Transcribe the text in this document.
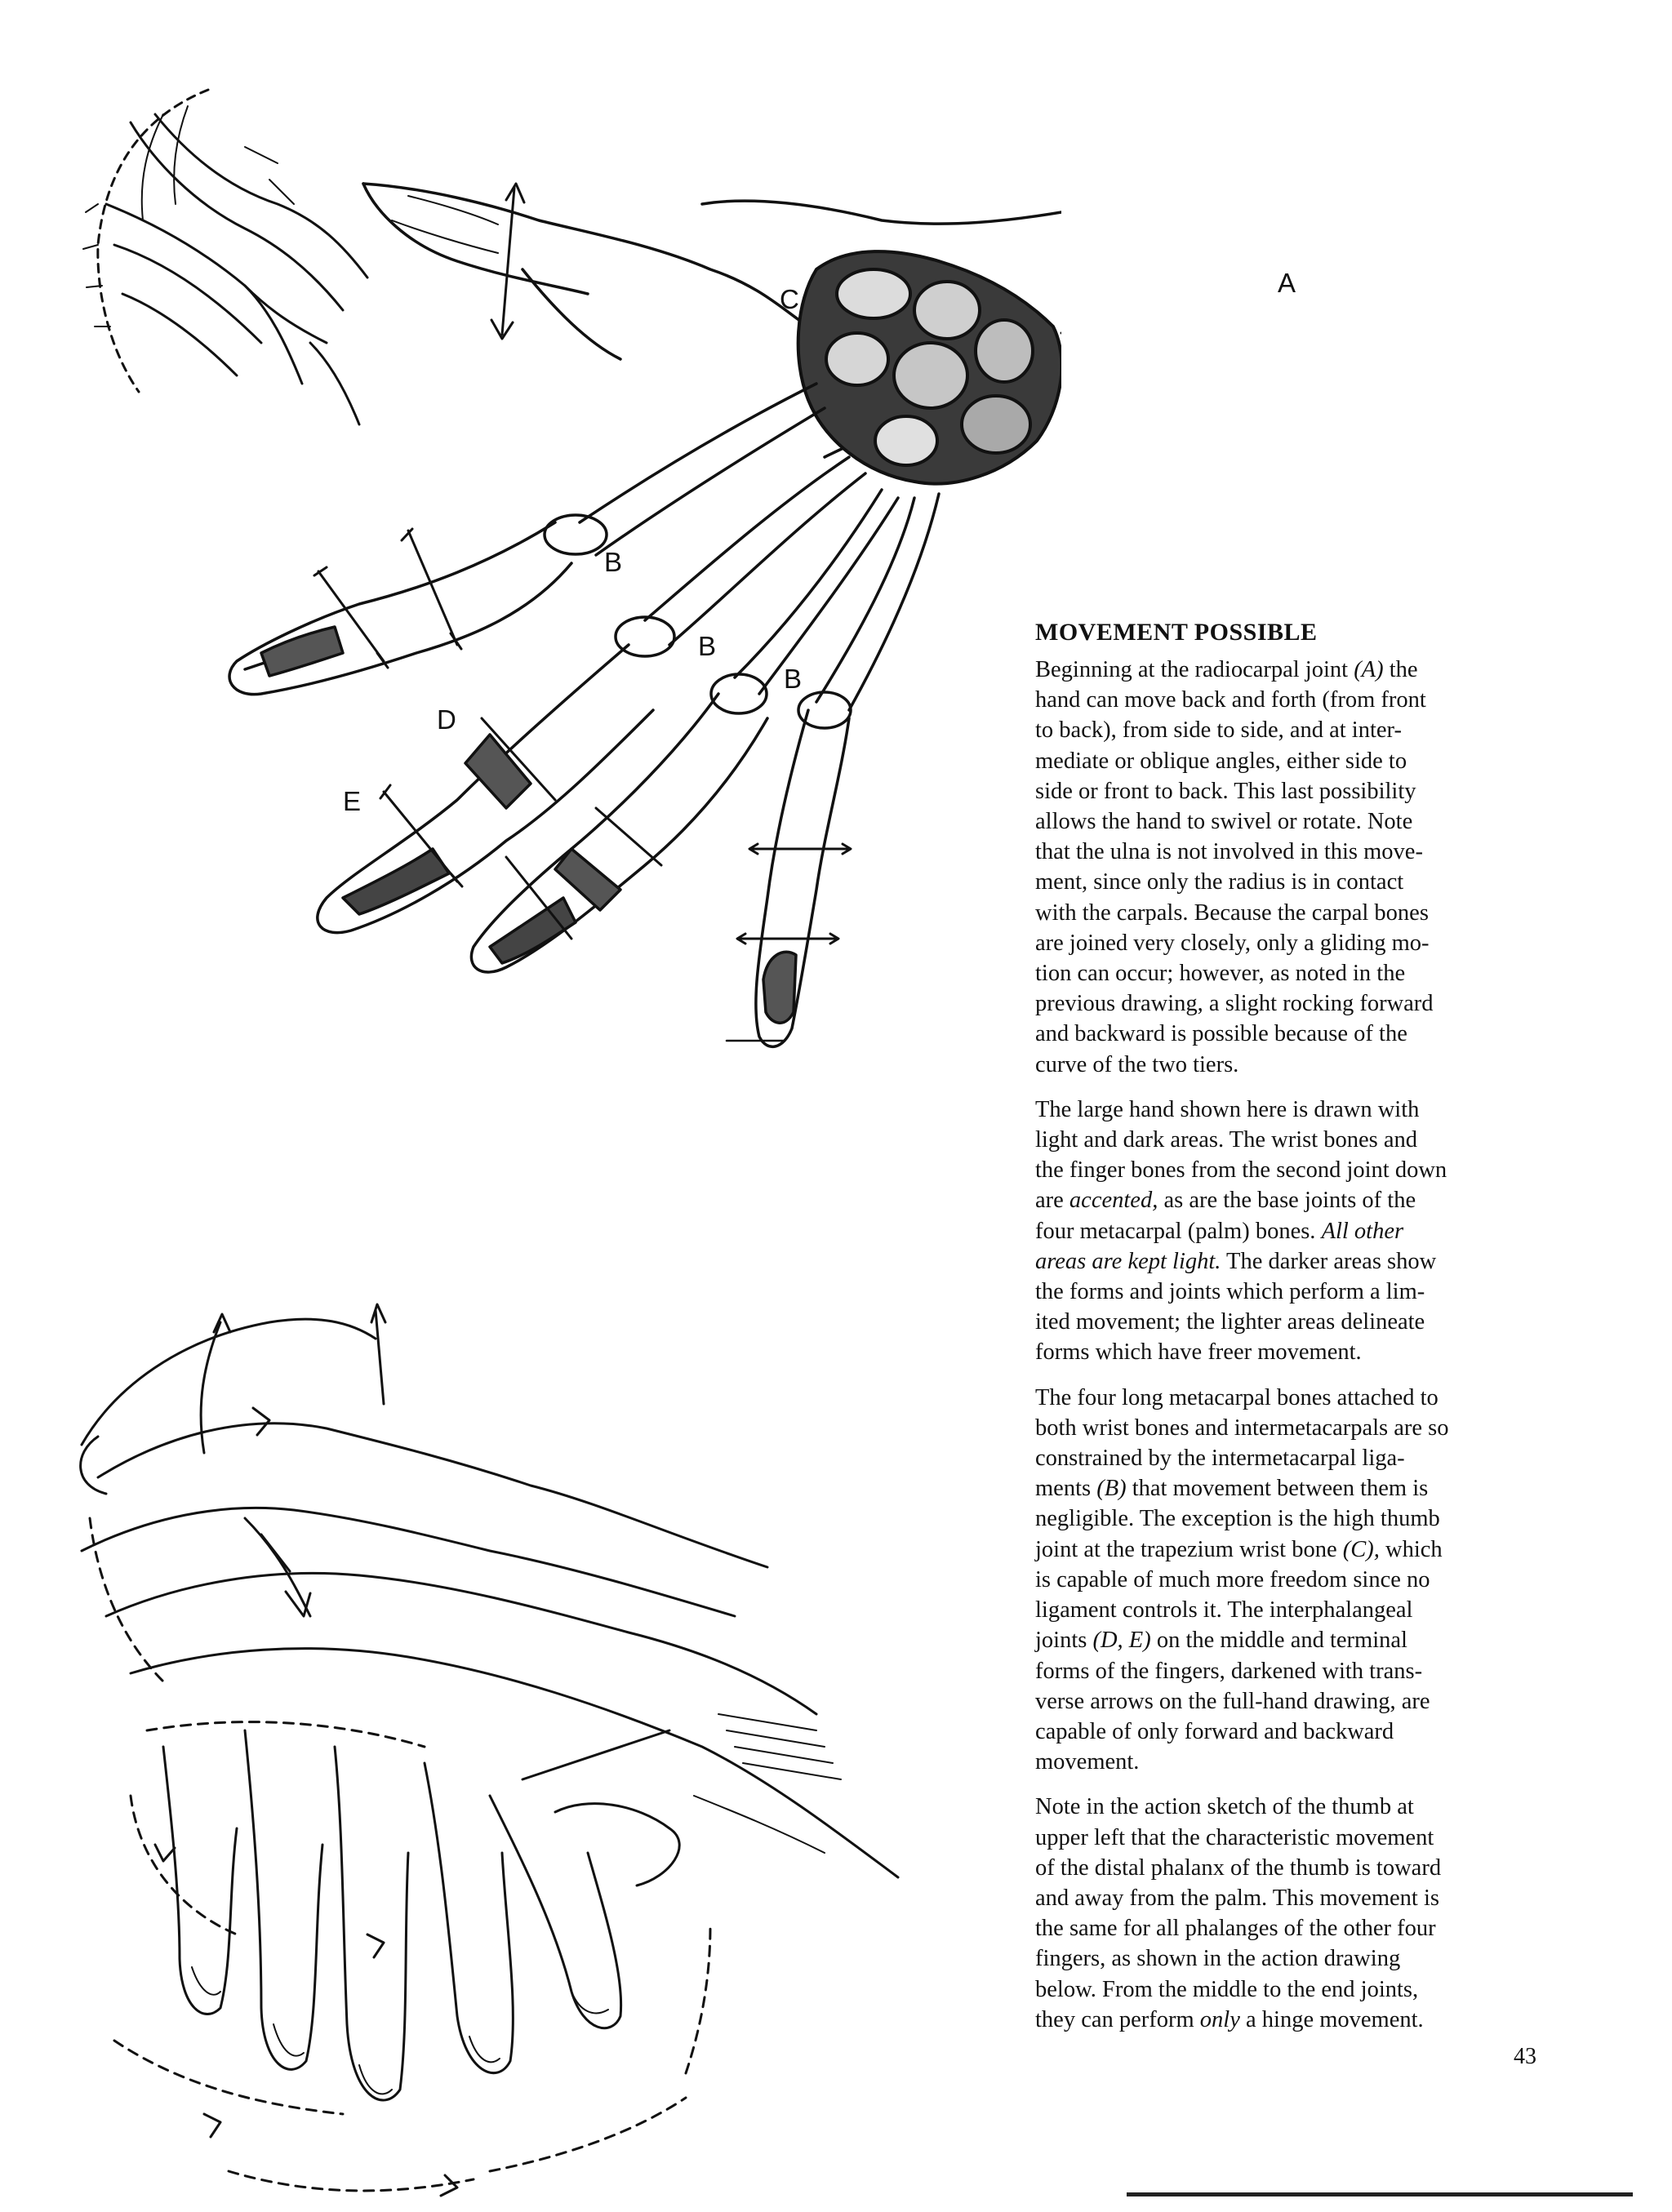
A
C
B
B
B
D
E
MOVEMENT POSSIBLE

Beginning at the radiocarpal joint (A) the
hand can move back and forth (from front
to back), from side to side, and at inter-
mediate or oblique angles, either side to
side or front to back. This last possibility
allows the hand to swivel or rotate. Note
that the ulna is not involved in this move-
ment, since only the radius is in contact
with the carpals. Because the carpal bones
are joined very closely, only a gliding mo-
tion can occur; however, as noted in the
previous drawing, a slight rocking forward
and backward is possible because of the
curve of the two tiers.

The large hand shown here is drawn with
light and dark areas. The wrist bones and
the finger bones from the second joint down
are accented, as are the base joints of the
four metacarpal (palm) bones. All other
areas are kept light. The darker areas show
the forms and joints which perform a lim-
ited movement; the lighter areas delineate
forms which have freer movement.

The four long metacarpal bones attached to
both wrist bones and intermetacarpals are so
constrained by the intermetacarpal liga-
ments (B) that movement between them is
negligible. The exception is the high thumb
joint at the trapezium wrist bone (C), which
is capable of much more freedom since no
ligament controls it. The interphalangeal
joints (D, E) on the middle and terminal
forms of the fingers, darkened with trans-
verse arrows on the full-hand drawing, are
capable of only forward and backward
movement.

Note in the action sketch of the thumb at
upper left that the characteristic movement
of the distal phalanx of the thumb is toward
and away from the palm. This movement is
the same for all phalanges of the other four
fingers, as shown in the action drawing
below. From the middle to the end joints,
they can perform only a hinge movement.

43
